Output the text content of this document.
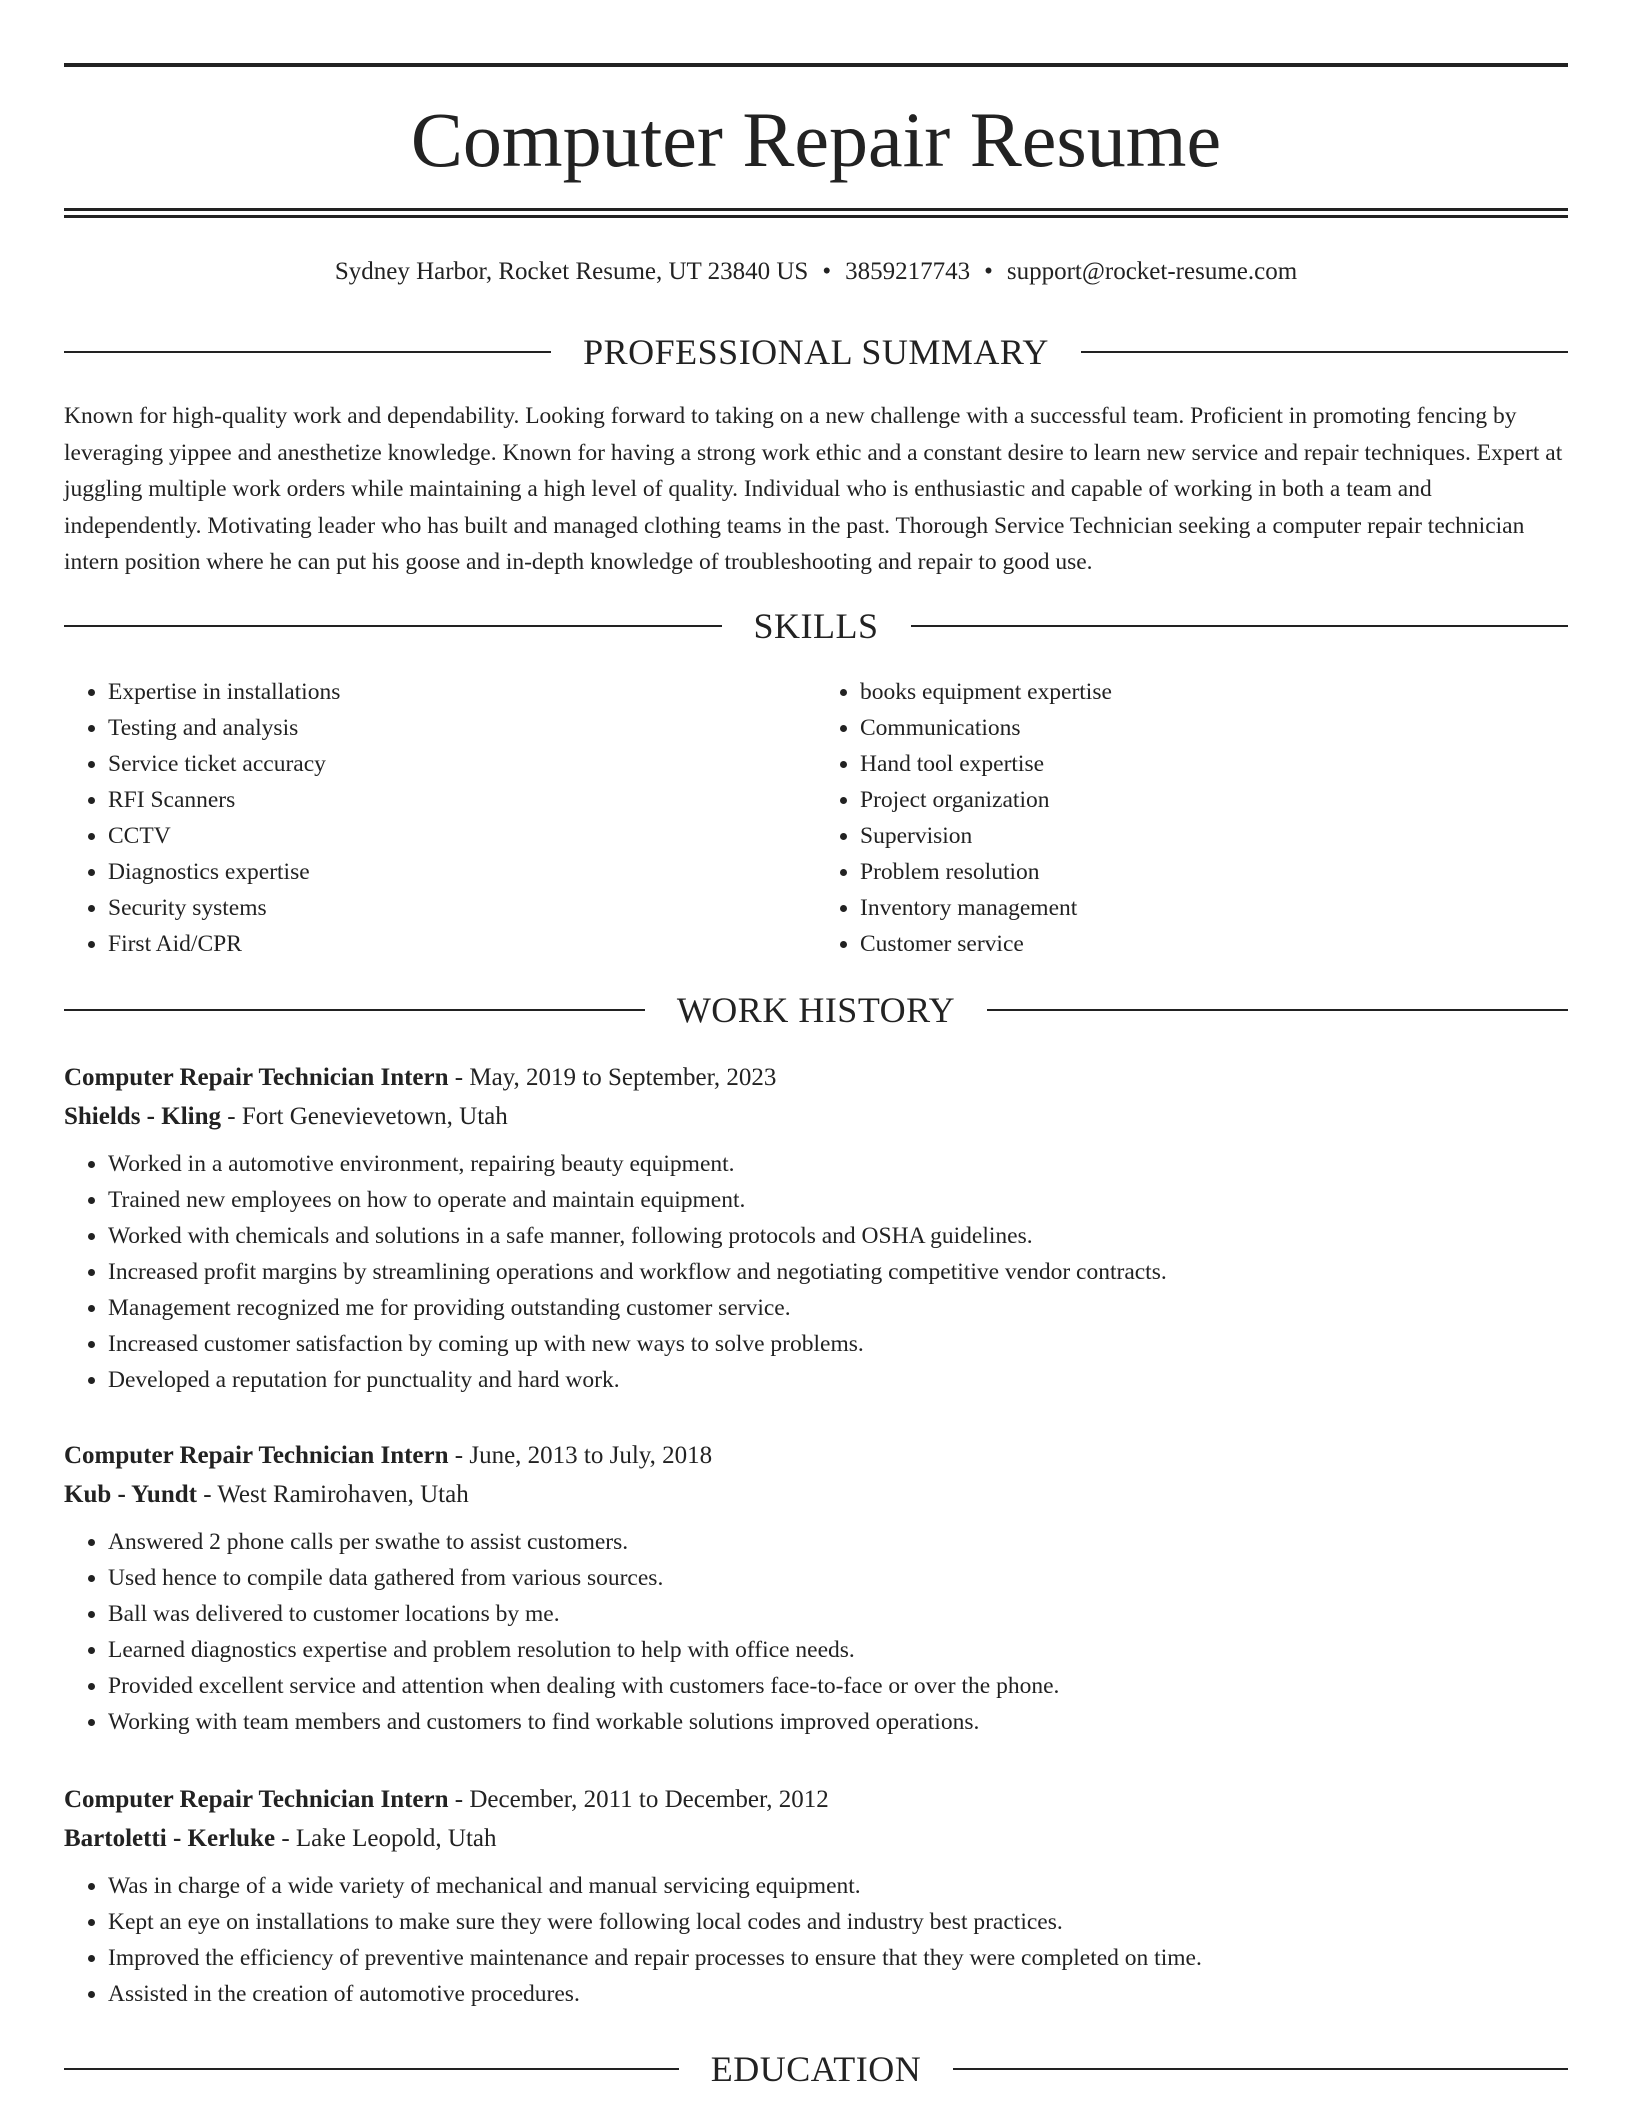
Computer Repair Resume
Sydney Harbor, Rocket Resume, UT 23840 US • 3859217743 • support@rocket-resume.com
PROFESSIONAL SUMMARY

Known for high-quality work and dependability. Looking forward to taking on a new challenge with a successful team. Proficient in promoting fencing by leveraging yippee and anesthetize knowledge. Known for having a strong work ethic and a constant desire to learn new service and repair techniques. Expert at juggling multiple work orders while maintaining a high level of quality. Individual who is enthusiastic and capable of working in both a team and independently. Motivating leader who has built and managed clothing teams in the past. Thorough Service Technician seeking a computer repair technician intern position where he can put his goose and in-depth knowledge of troubleshooting and repair to good use.

SKILLS
• Expertise in installations
• Testing and analysis
• Service ticket accuracy
• RFI Scanners
• CCTV
• Diagnostics expertise
• Security systems
• First Aid/CPR
• books equipment expertise
• Communications
• Hand tool expertise
• Project organization
• Supervision
• Problem resolution
• Inventory management
• Customer service
WORK HISTORY
Computer Repair Technician Intern - May, 2019 to September, 2023
Shields - Kling - Fort Genevievetown, Utah
• Worked in a automotive environment, repairing beauty equipment.
• Trained new employees on how to operate and maintain equipment.
• Worked with chemicals and solutions in a safe manner, following protocols and OSHA guidelines.
• Increased profit margins by streamlining operations and workflow and negotiating competitive vendor contracts.
• Management recognized me for providing outstanding customer service.
• Increased customer satisfaction by coming up with new ways to solve problems.
• Developed a reputation for punctuality and hard work.
Computer Repair Technician Intern - June, 2013 to July, 2018
Kub - Yundt - West Ramirohaven, Utah
• Answered 2 phone calls per swathe to assist customers.
• Used hence to compile data gathered from various sources.
• Ball was delivered to customer locations by me.
• Learned diagnostics expertise and problem resolution to help with office needs.
• Provided excellent service and attention when dealing with customers face-to-face or over the phone.
• Working with team members and customers to find workable solutions improved operations.
Computer Repair Technician Intern - December, 2011 to December, 2012
Bartoletti - Kerluke - Lake Leopold, Utah
• Was in charge of a wide variety of mechanical and manual servicing equipment.
• Kept an eye on installations to make sure they were following local codes and industry best practices.
• Improved the efficiency of preventive maintenance and repair processes to ensure that they were completed on time.
• Assisted in the creation of automotive procedures.
EDUCATION
